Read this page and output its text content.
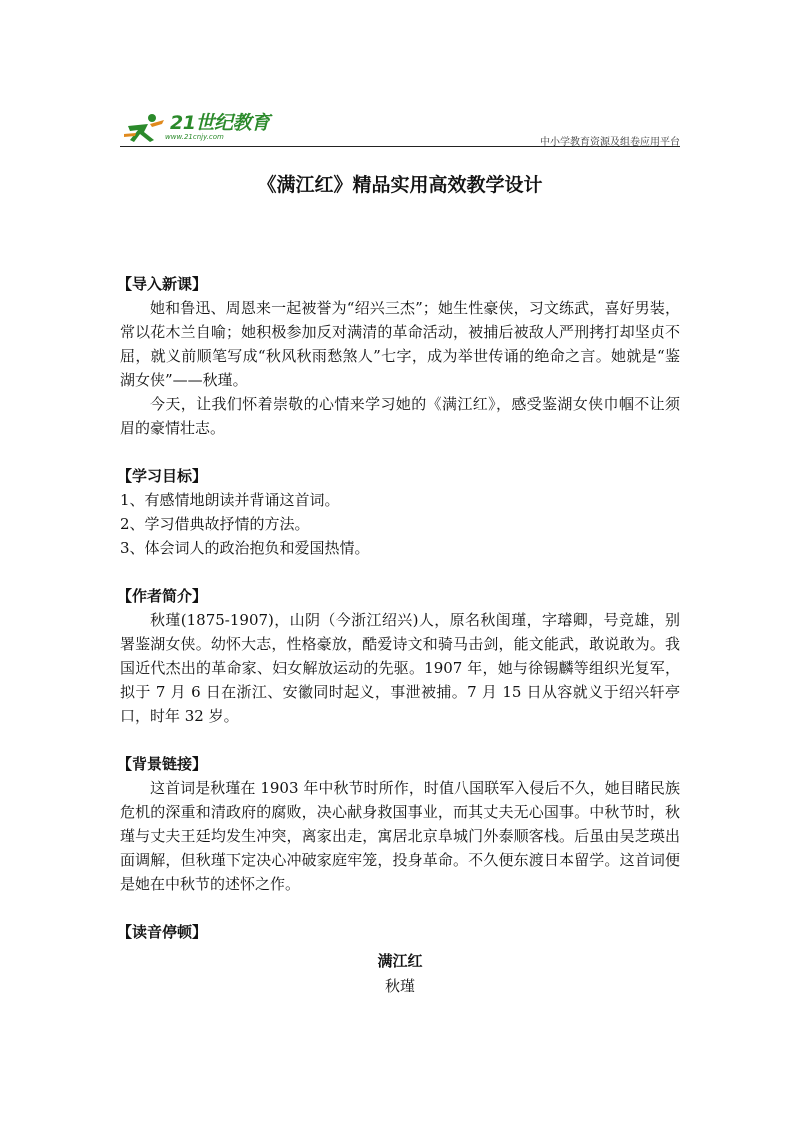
21世纪教育
www.21cnjy.com	中小学教育资源及组卷应用平台
《满江红》精品实用高效教学设计
【导入新课】

她和鲁迅、周恩来一起被誉为“绍兴三杰”；她生性豪侠，习文练武，喜好男装，常以花木兰自喻；她积极参加反对满清的革命活动，被捕后被敌人严刑拷打却坚贞不屈，就义前顺笔写成“秋风秋雨愁煞人”七字，成为举世传诵的绝命之言。她就是“鉴湖女侠”——秋瑾。

今天，让我们怀着崇敬的心情来学习她的《满江红》，感受鉴湖女侠巾帼不让须眉的豪情壮志。

【学习目标】

1、有感情地朗读并背诵这首词。

2、学习借典故抒情的方法。

3、体会词人的政治抱负和爱国热情。

【作者简介】

秋瑾(1875-1907)，山阴（今浙江绍兴)人，原名秋闺瑾，字璿卿，号竞雄，别署鉴湖女侠。幼怀大志，性格豪放，酷爱诗文和骑马击剑，能文能武，敢说敢为。我国近代杰出的革命家、妇女解放运动的先驱。1907 年，她与徐锡麟等组织光复军，拟于 7 月 6 日在浙江、安徽同时起义，事泄被捕。7 月 15 日从容就义于绍兴轩亭口，时年 32 岁。

【背景链接】

这首词是秋瑾在 1903 年中秋节时所作，时值八国联军入侵后不久，她目睹民族危机的深重和清政府的腐败，决心献身救国事业，而其丈夫无心国事。中秋节时，秋瑾与丈夫王廷均发生冲突，离家出走，寓居北京阜城门外泰顺客栈。后虽由吴芝瑛出面调解，但秋瑾下定决心冲破家庭牢笼，投身革命。不久便东渡日本留学。这首词便是她在中秋节的述怀之作。

【读音停顿】
满江红
秋瑾
